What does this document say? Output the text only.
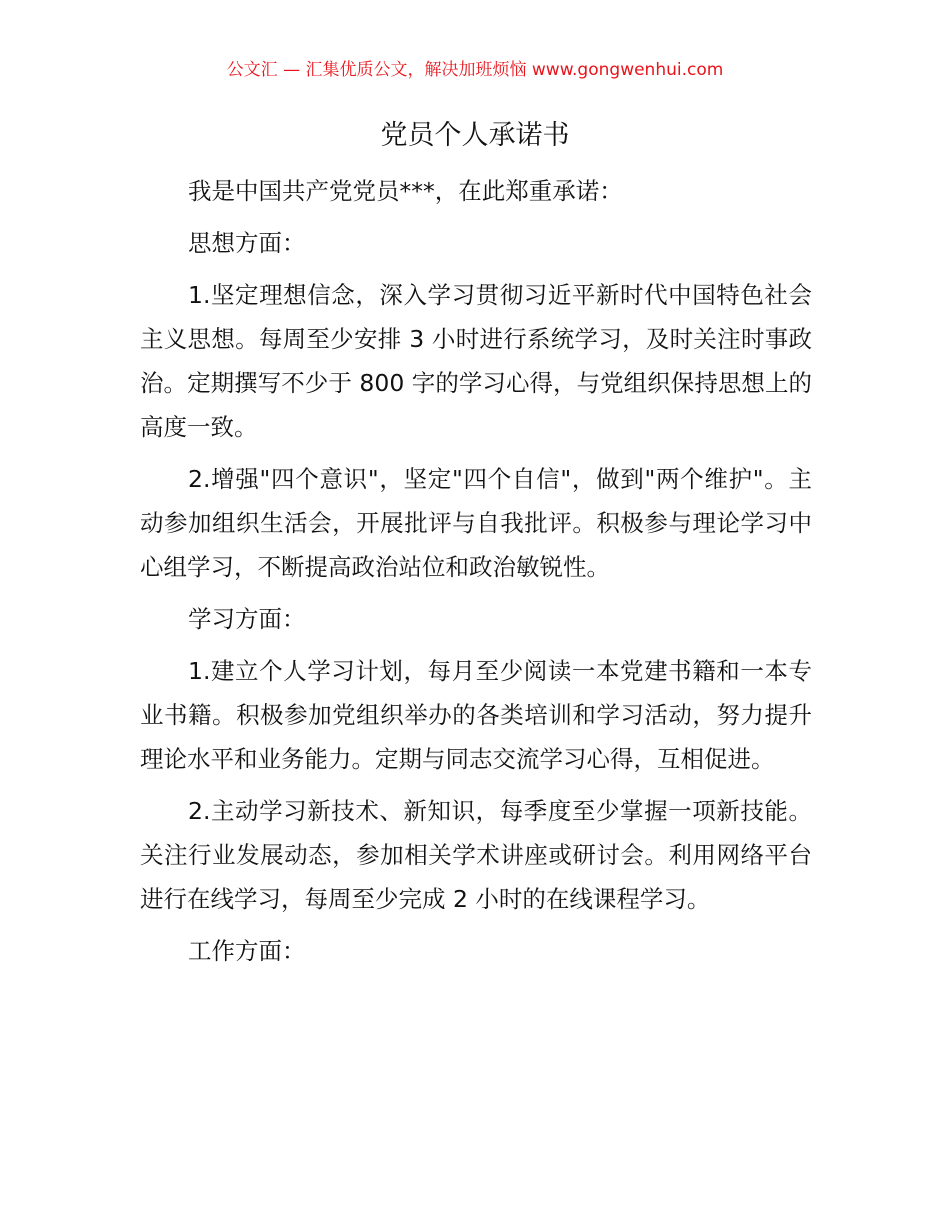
公文汇 — 汇集优质公文，解决加班烦恼 www.gongwenhui.com
党员个人承诺书

我是中国共产党党员***，在此郑重承诺：

思想方面：

1.坚定理想信念，深入学习贯彻习近平新时代中国特色社会主义思想。每周至少安排 3 小时进行系统学习，及时关注时事政治。定期撰写不少于 800 字的学习心得，与党组织保持思想上的高度一致。

2.增强"四个意识"，坚定"四个自信"，做到"两个维护"。主动参加组织生活会，开展批评与自我批评。积极参与理论学习中心组学习，不断提高政治站位和政治敏锐性。

学习方面：

1.建立个人学习计划，每月至少阅读一本党建书籍和一本专业书籍。积极参加党组织举办的各类培训和学习活动，努力提升理论水平和业务能力。定期与同志交流学习心得，互相促进。

2.主动学习新技术、新知识，每季度至少掌握一项新技能。关注行业发展动态，参加相关学术讲座或研讨会。利用网络平台进行在线学习，每周至少完成 2 小时的在线课程学习。

工作方面：
